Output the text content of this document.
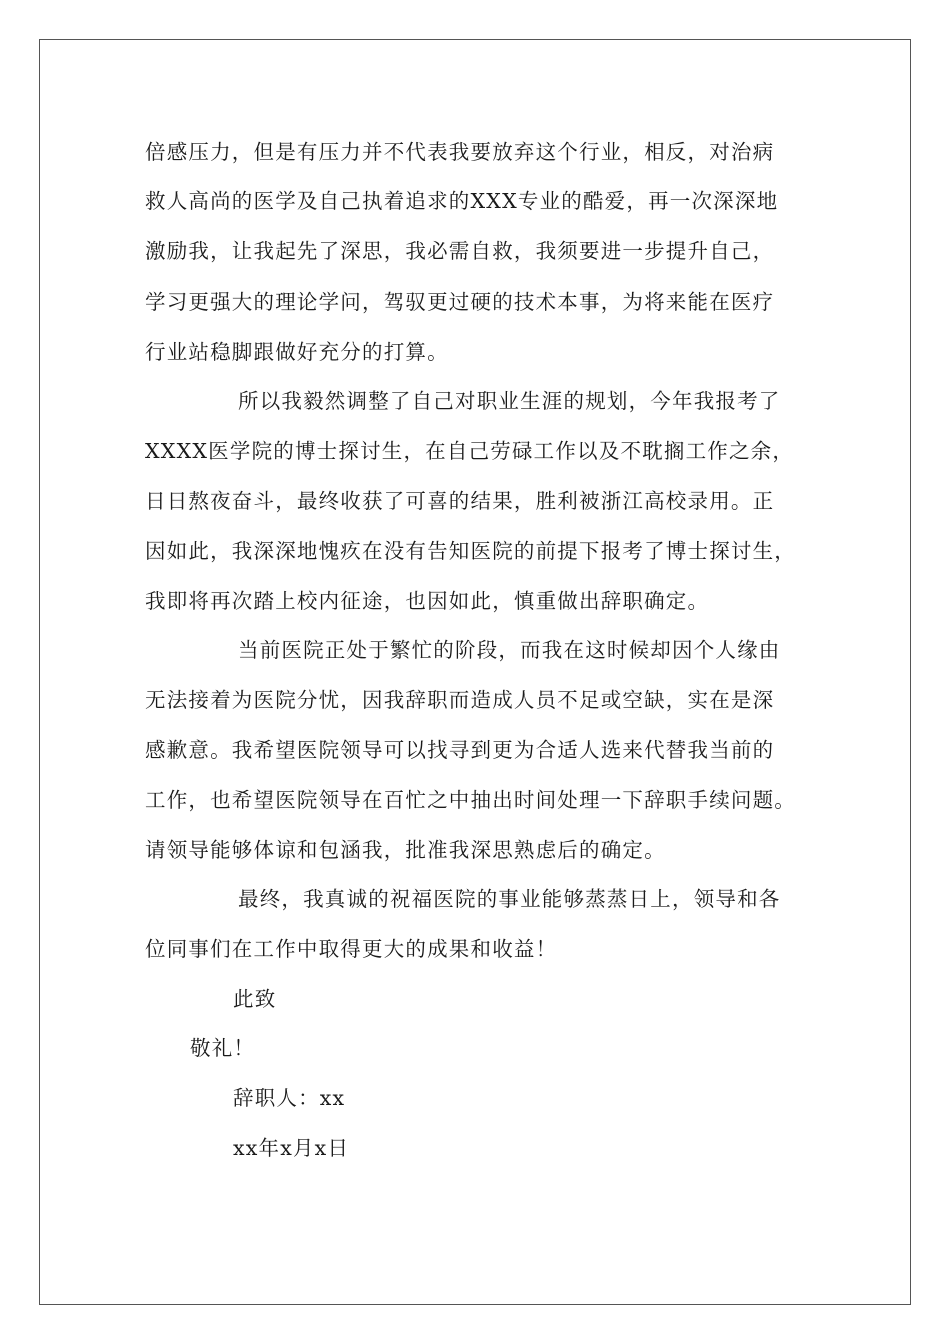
倍感压力，但是有压力并不代表我要放弃这个行业，相反，对治病
救人高尚的医学及自己执着追求的XXX专业的酷爱，再一次深深地
激励我，让我起先了深思，我必需自救，我须要进一步提升自己，
学习更强大的理论学问，驾驭更过硬的技术本事，为将来能在医疗
行业站稳脚跟做好充分的打算。
所以我毅然调整了自己对职业生涯的规划，今年我报考了
XXXX医学院的博士探讨生，在自己劳碌工作以及不耽搁工作之余，
日日熬夜奋斗，最终收获了可喜的结果，胜利被浙江高校录用。正
因如此，我深深地愧疚在没有告知医院的前提下报考了博士探讨生，
我即将再次踏上校内征途，也因如此，慎重做出辞职确定。
当前医院正处于繁忙的阶段，而我在这时候却因个人缘由
无法接着为医院分忧，因我辞职而造成人员不足或空缺，实在是深
感歉意。我希望医院领导可以找寻到更为合适人选来代替我当前的
工作，也希望医院领导在百忙之中抽出时间处理一下辞职手续问题。
请领导能够体谅和包涵我，批准我深思熟虑后的确定。
最终，我真诚的祝福医院的事业能够蒸蒸日上，领导和各
位同事们在工作中取得更大的成果和收益！
此致
敬礼！
辞职人：xx
xx年x月x日
